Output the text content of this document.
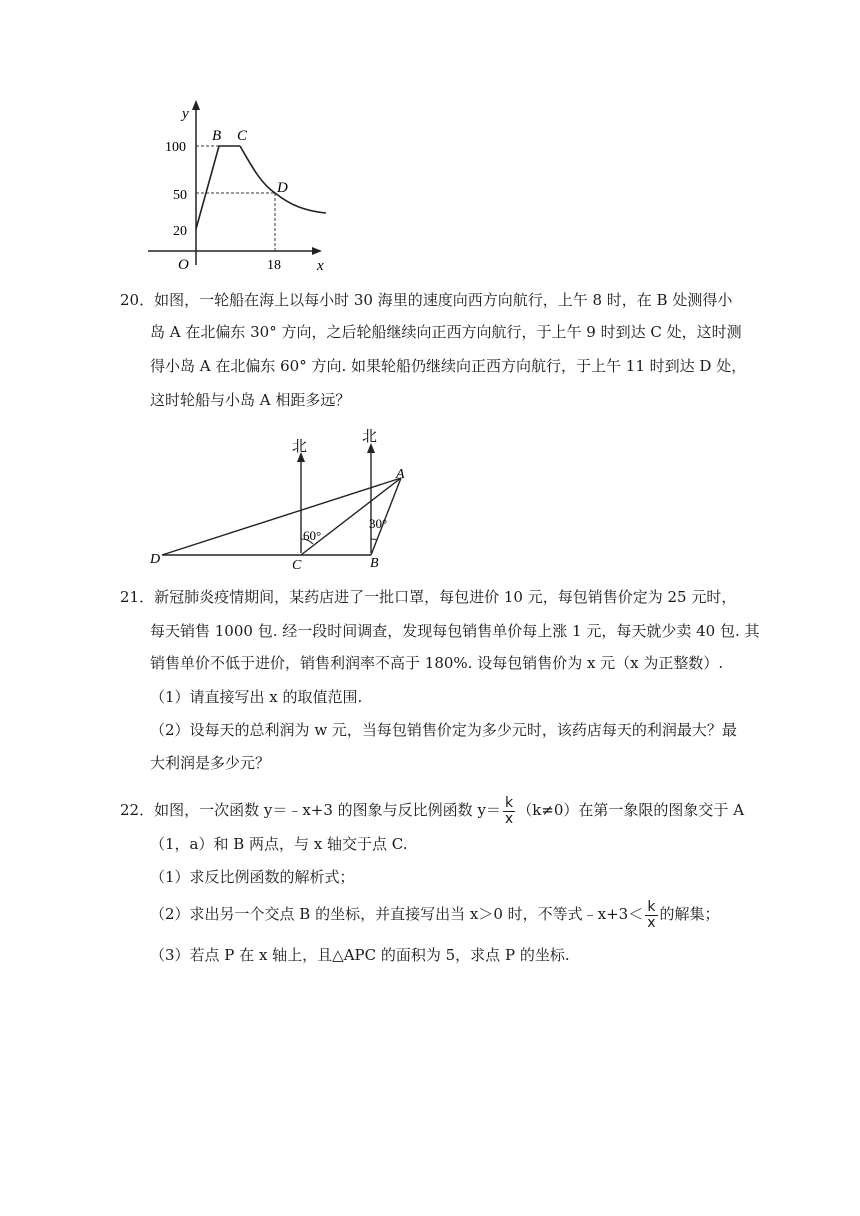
y
B C
D
100
50
20
O	18 x
20．如图，一轮船在海上以每小时 30 海里的速度向西方向航行，上午 8 时，在 B 处测得小
岛 A 在北偏东 30° 方向，之后轮船继续向正西方向航行，于上午 9 时到达 C 处，这时测
得小岛 A 在北偏东 60° 方向. 如果轮船仍继续向正西方向航行，于上午 11 时到达 D 处，
这时轮船与小岛 A 相距多远？
北
北
A
B
C
D
60°
30°
21．新冠肺炎疫情期间，某药店进了一批口罩，每包进价 10 元，每包销售价定为 25 元时，
每天销售 1000 包. 经一段时间调查，发现每包销售单价每上涨 1 元，每天就少卖 40 包. 其
销售单价不低于进价，销售利润率不高于 180%. 设每包销售价为 x 元（x 为正整数）.
（1）请直接写出 x 的取值范围.
（2）设每天的总利润为 w 元，当每包销售价定为多少元时，该药店每天的利润最大？最
大利润是多少元？
22．如图，一次函数 y＝﹣x+3 的图象与反比例函数 $y= \frac{k}{x} (k\ne 0)$在第一象限的图象交于 A
（1，a）和 B 两点，与 x 轴交于点 C.
（1）求反比例函数的解析式；
（2）求出另一个交点 B 的坐标，并直接写出当 x＞0 时，不等式﹣x+3＜ $\frac{k}{x}$ 的解集；
（3）若点 P 在 x 轴上，且△APC 的面积为 5，求点 P 的坐标.
